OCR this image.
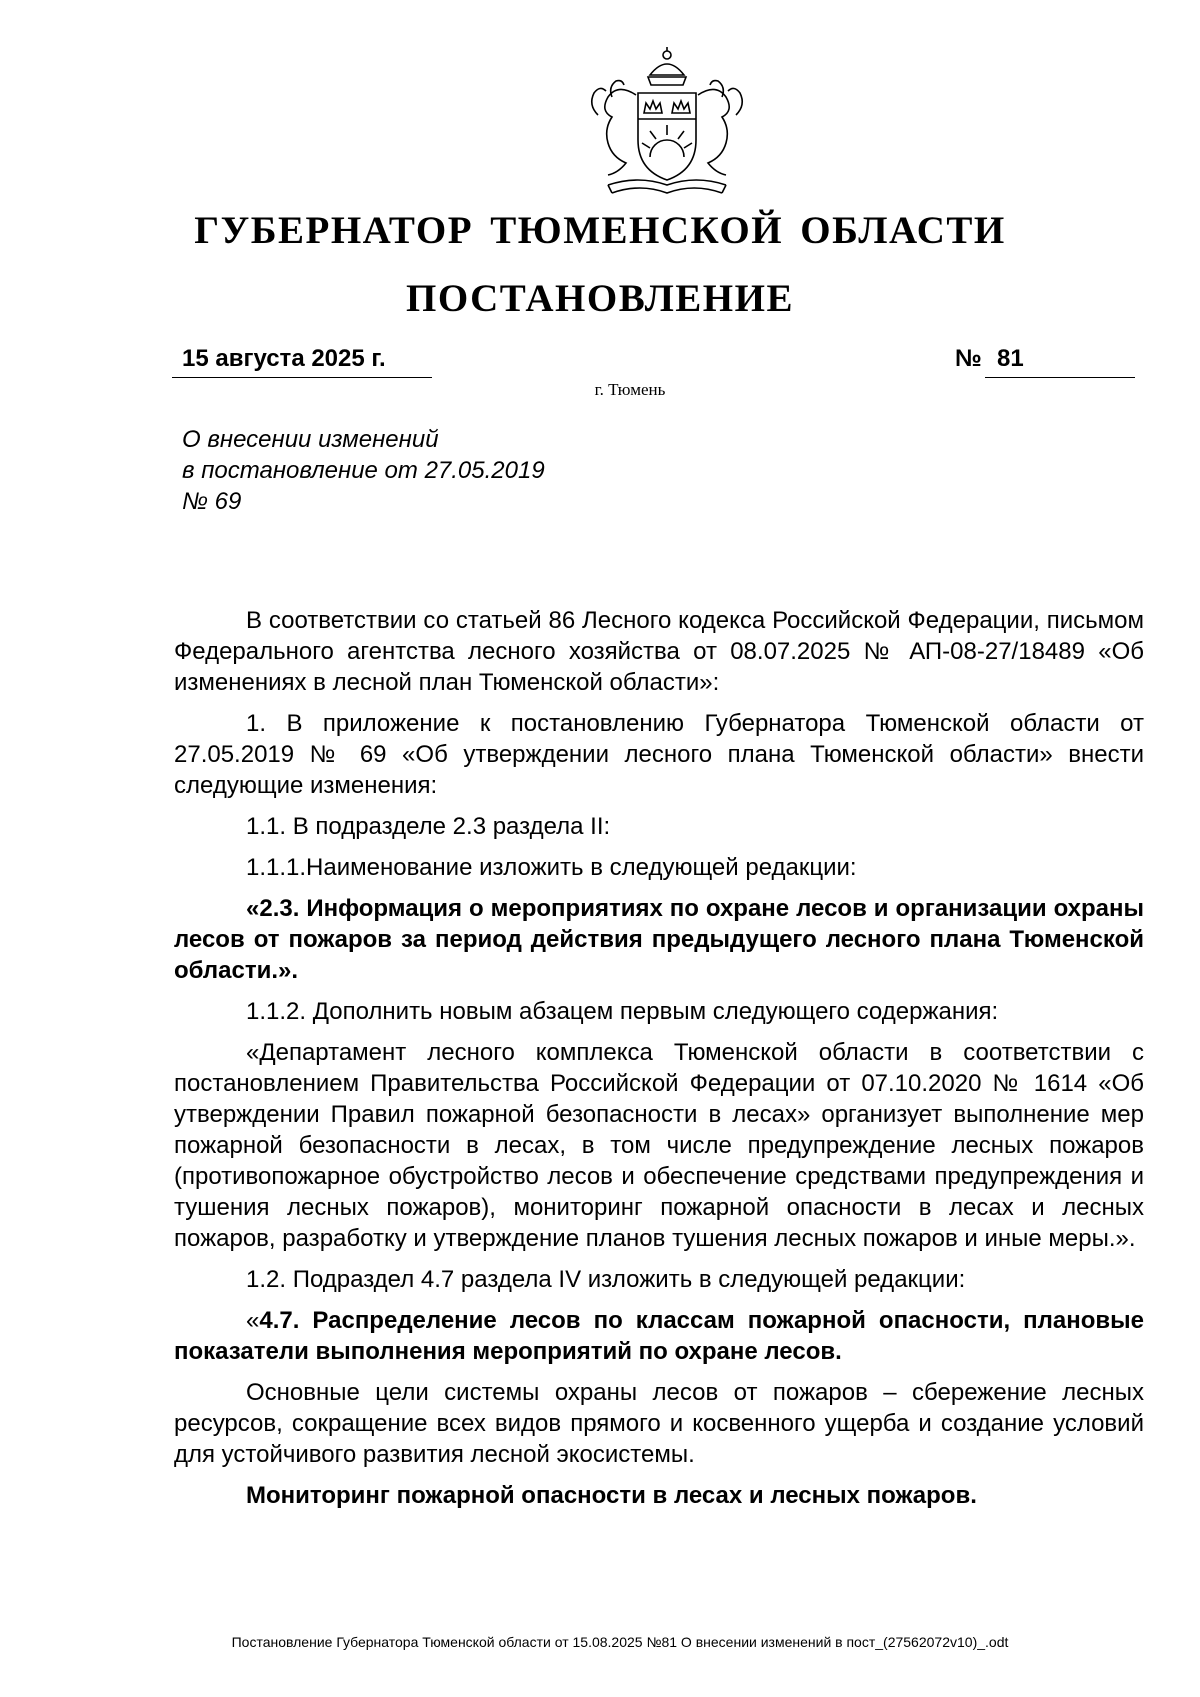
ГУБЕРНАТОР ТЮМЕНСКОЙ ОБЛАСТИ
ПОСТАНОВЛЕНИЕ
15 августа 2025 г.	№ 81
г. Тюмень
О внесении изменений
в постановление от 27.05.2019
№ 69

В соответствии со статьей 86 Лесного кодекса Российской Федерации, письмом Федерального агентства лесного хозяйства от 08.07.2025 № АП-08-27/18489 «Об изменениях в лесной план Тюменской области»:

1. В приложение к постановлению Губернатора Тюменской области от 27.05.2019 № 69 «Об утверждении лесного плана Тюменской области» внести следующие изменения:

1.1. В подразделе 2.3 раздела II:

1.1.1.Наименование изложить в следующей редакции:

«2.3. Информация о мероприятиях по охране лесов и организации охраны лесов от пожаров за период действия предыдущего лесного плана Тюменской области.».

1.1.2. Дополнить новым абзацем первым следующего содержания:

«Департамент лесного комплекса Тюменской области в соответствии с постановлением Правительства Российской Федерации от 07.10.2020 № 1614 «Об утверждении Правил пожарной безопасности в лесах» организует выполнение мер пожарной безопасности в лесах, в том числе предупреждение лесных пожаров (противопожарное обустройство лесов и обеспечение средствами предупреждения и тушения лесных пожаров), мониторинг пожарной опасности в лесах и лесных пожаров, разработку и утверждение планов тушения лесных пожаров и иные меры.».

1.2. Подраздел 4.7 раздела IV изложить в следующей редакции:

«4.7. Распределение лесов по классам пожарной опасности, плановые показатели выполнения мероприятий по охране лесов.

Основные цели системы охраны лесов от пожаров – сбережение лесных ресурсов, сокращение всех видов прямого и косвенного ущерба и создание условий для устойчивого развития лесной экосистемы.

Мониторинг пожарной опасности в лесах и лесных пожаров.

Постановление Губернатора Тюменской области от 15.08.2025 №81 О внесении изменений в пост_(27562072v10)_.odt
